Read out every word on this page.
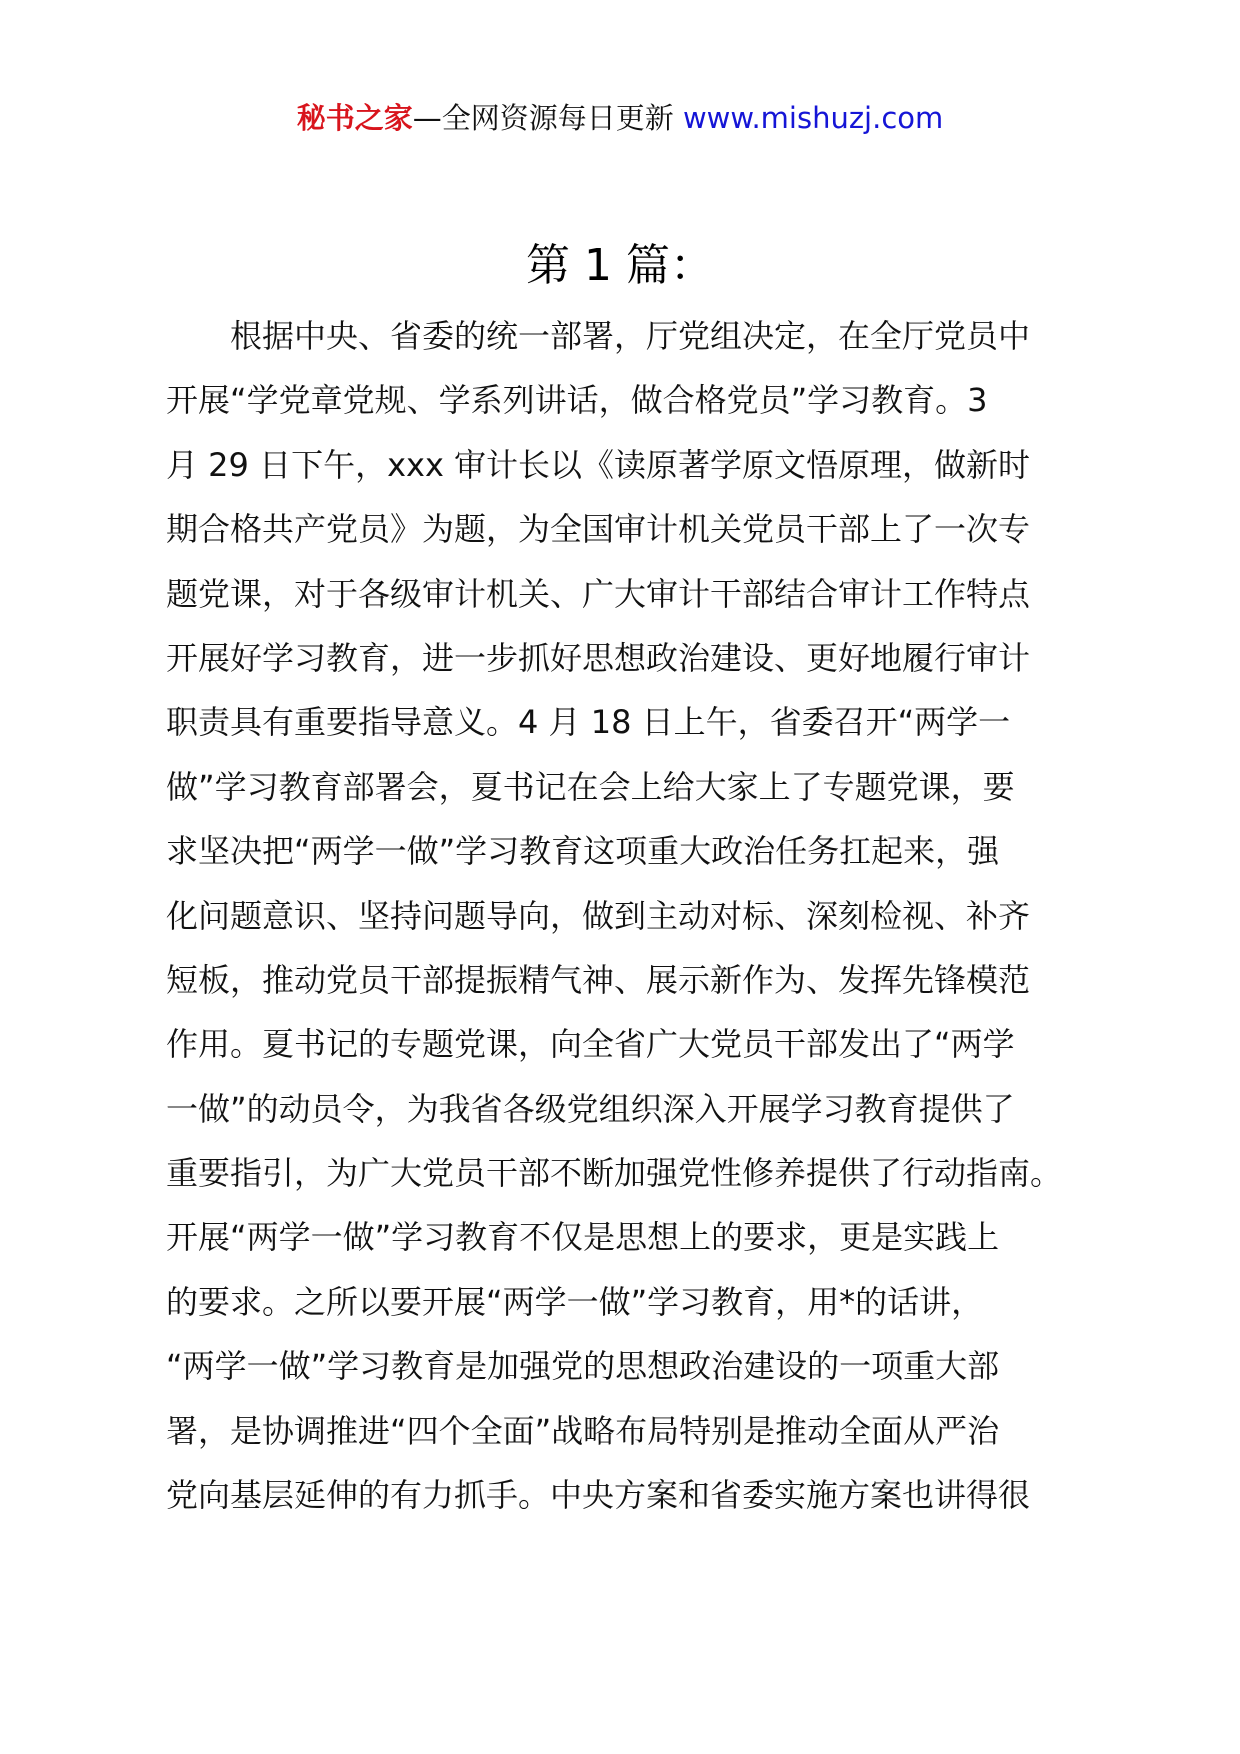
秘书之家—全网资源每日更新 www.mishuzj.com
第 1 篇：
根据中央、省委的统一部署，厅党组决定，在全厅党员中
开展“学党章党规、学系列讲话，做合格党员”学习教育。3
月 29 日下午，xxx 审计长以《读原著学原文悟原理，做新时
期合格共产党员》为题，为全国审计机关党员干部上了一次专
题党课，对于各级审计机关、广大审计干部结合审计工作特点
开展好学习教育，进一步抓好思想政治建设、更好地履行审计
职责具有重要指导意义。4 月 18 日上午，省委召开“两学一
做”学习教育部署会，夏书记在会上给大家上了专题党课，要
求坚决把“两学一做”学习教育这项重大政治任务扛起来，强
化问题意识、坚持问题导向，做到主动对标、深刻检视、补齐
短板，推动党员干部提振精气神、展示新作为、发挥先锋模范
作用。夏书记的专题党课，向全省广大党员干部发出了“两学
一做”的动员令，为我省各级党组织深入开展学习教育提供了
重要指引，为广大党员干部不断加强党性修养提供了行动指南。
开展“两学一做”学习教育不仅是思想上的要求，更是实践上
的要求。之所以要开展“两学一做”学习教育，用*的话讲，
“两学一做”学习教育是加强党的思想政治建设的一项重大部
署，是协调推进“四个全面”战略布局特别是推动全面从严治
党向基层延伸的有力抓手。中央方案和省委实施方案也讲得很
